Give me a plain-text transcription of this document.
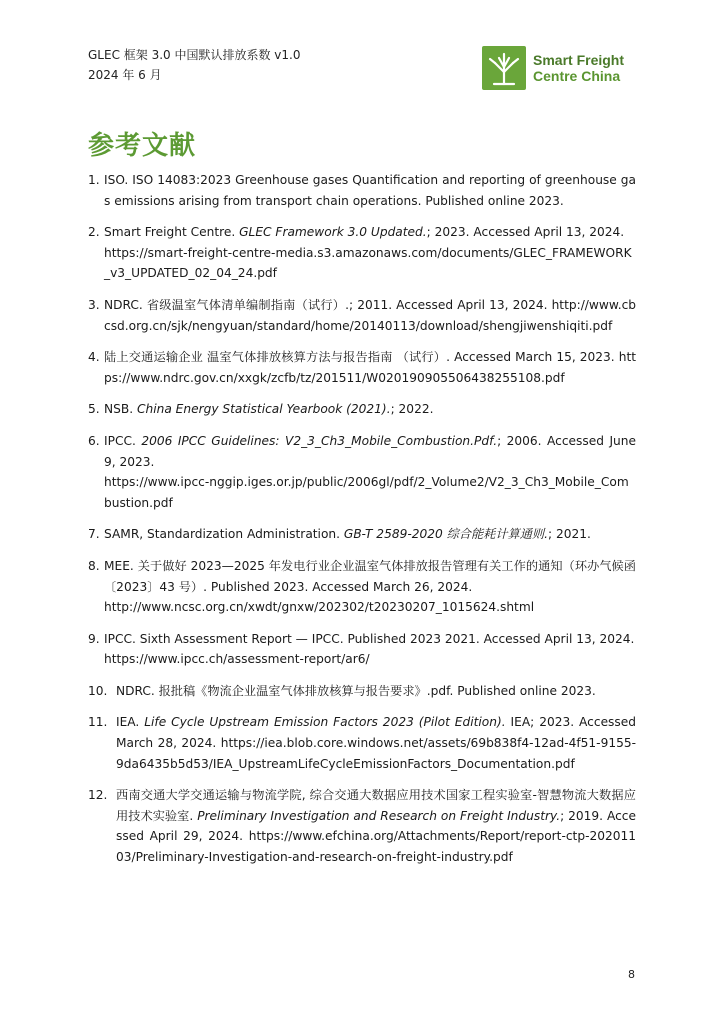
GLEC 框架 3.0 中国默认排放系数 v1.0
2024 年 6 月
Smart Freight
Centre China
参考文献
1. ISO. ISO 14083:2023 Greenhouse gases Quantification and reporting of greenhouse gas emissions arising from transport chain operations. Published online 2023.
2. Smart Freight Centre. GLEC Framework 3.0 Updated.; 2023. Accessed April 13, 2024.
https://smart-freight-centre-media.s3.amazonaws.com/documents/GLEC_FRAMEWORK_v3_UPDATED_02_04_24.pdf
3. NDRC. 省级温室气体清单编制指南（试行）.; 2011. Accessed April 13, 2024. http://www.cbcsd.org.cn/sjk/nengyuan/standard/home/20140113/download/shengjiwenshiqiti.pdf
4. 陆上交通运输企业 温室气体排放核算方法与报告指南 （试行）. Accessed March 15, 2023. https://www.ndrc.gov.cn/xxgk/zcfb/tz/201511/W020190905506438255108.pdf
5. NSB. China Energy Statistical Yearbook (2021).; 2022.
6. IPCC. 2006 IPCC Guidelines: V2_3_Ch3_Mobile_Combustion.Pdf.; 2006. Accessed June 9, 2023.
https://www.ipcc-nggip.iges.or.jp/public/2006gl/pdf/2_Volume2/V2_3_Ch3_Mobile_Combustion.pdf
7. SAMR, Standardization Administration. GB-T 2589-2020 综合能耗计算通则.; 2021.
8. MEE. 关于做好 2023—2025 年发电行业企业温室气体排放报告管理有关工作的通知（环办气候函〔2023〕43 号）. Published 2023. Accessed March 26, 2024.
http://www.ncsc.org.cn/xwdt/gnxw/202302/t20230207_1015624.shtml
9. IPCC. Sixth Assessment Report — IPCC. Published 2023 2021. Accessed April 13, 2024.
https://www.ipcc.ch/assessment-report/ar6/
10. NDRC. 报批稿《物流企业温室气体排放核算与报告要求》.pdf. Published online 2023.
11. IEA. Life Cycle Upstream Emission Factors 2023 (Pilot Edition). IEA; 2023. Accessed March 28, 2024. https://iea.blob.core.windows.net/assets/69b838f4-12ad-4f51-9155-9da6435b5d53/IEA_UpstreamLifeCycleEmissionFactors_Documentation.pdf
12. 西南交通大学交通运输与物流学院, 综合交通大数据应用技术国家工程实验室-智慧物流大数据应用技术实验室. Preliminary Investigation and Research on Freight Industry.; 2019. Accessed April 29, 2024. https://www.efchina.org/Attachments/Report/report-ctp-20201103/Preliminary-Investigation-and-research-on-freight-industry.pdf
8
